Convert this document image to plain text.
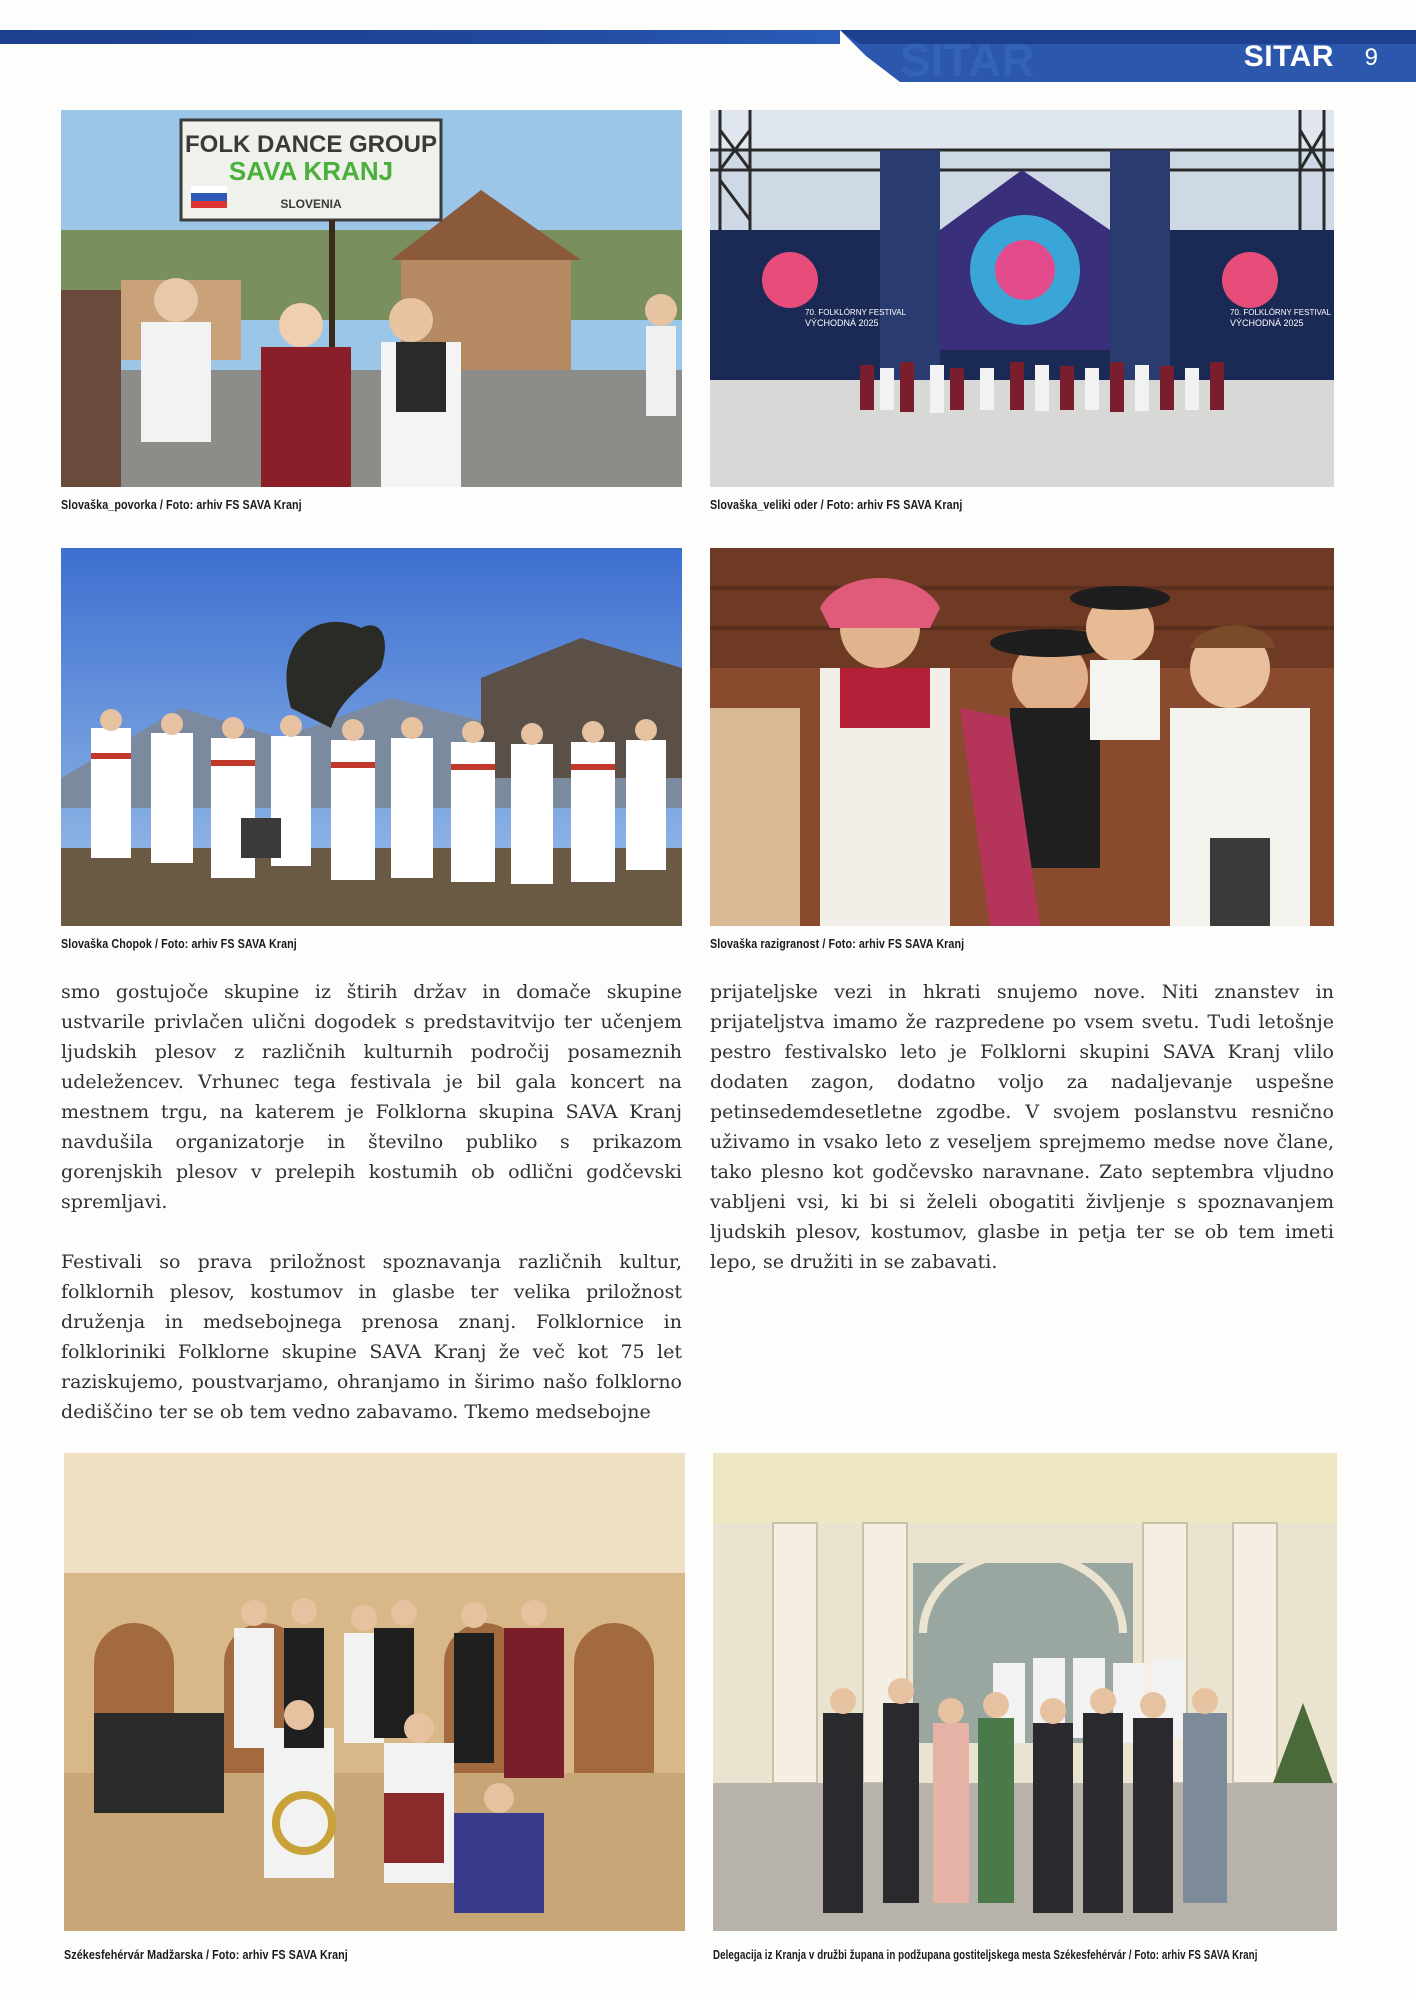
SITAR	SITAR 9
FOLK DANCE GROUP
SAVA KRANJ
SLOVENIA
Slovaška_povorka / Foto: arhiv FS SAVA Kranj
70. FOLKLÓRNY FESTIVAL
VÝCHODNÁ 2025
70. FOLKLÓRNY FESTIVAL
VÝCHODNÁ 2025
Slovaška_veliki oder / Foto: arhiv FS SAVA Kranj
Slovaška Chopok / Foto: arhiv FS SAVA Kranj	Slovaška razigranost / Foto: arhiv FS SAVA Kranj

smo gostujoče skupine iz štirih držav in domače skupine ustvarile privlačen ulični dogodek s predstavitvijo ter učenjem ljudskih plesov z različnih kulturnih področij posameznih udeležencev. Vrhunec tega festivala je bil gala koncert na mestnem trgu, na katerem je Folklorna skupina SAVA Kranj navdušila organizatorje in številno publiko s prikazom gorenjskih plesov v prelepih kostumih ob odlični godčevski spremljavi.

Festivali so prava priložnost spoznavanja različnih kultur, folklornih plesov, kostumov in glasbe ter velika priložnost druženja in medsebojnega prenosa znanj. Folklornice in folkloriniki Folklorne skupine SAVA Kranj že več kot 75 let raziskujemo, poustvarjamo, ohranjamo in širimo našo folklorno dediščino ter se ob tem vedno zabavamo. Tkemo medsebojne

prijateljske vezi in hkrati snujemo nove. Niti znanstev in prijateljstva imamo že razpredene po vsem svetu. Tudi letošnje pestro festivalsko leto je Folklorni skupini SAVA Kranj vlilo dodaten zagon, dodatno voljo za nadaljevanje uspešne petinsedemdesetletne zgodbe. V svojem poslanstvu resnično uživamo in vsako leto z veseljem sprejmemo medse nove člane, tako plesno kot godčevsko naravnane. Zato septembra vljudno vabljeni vsi, ki bi si želeli obogatiti življenje s spoznavanjem ljudskih plesov, kostumov, glasbe in petja ter se ob tem imeti lepo, se družiti in se zabavati.

Székesfehérvár Madžarska / Foto: arhiv FS SAVA Kranj	Delegacija iz Kranja v družbi župana in podžupana gostiteljskega mesta Székesfehérvár / Foto: arhiv FS SAVA Kranj
